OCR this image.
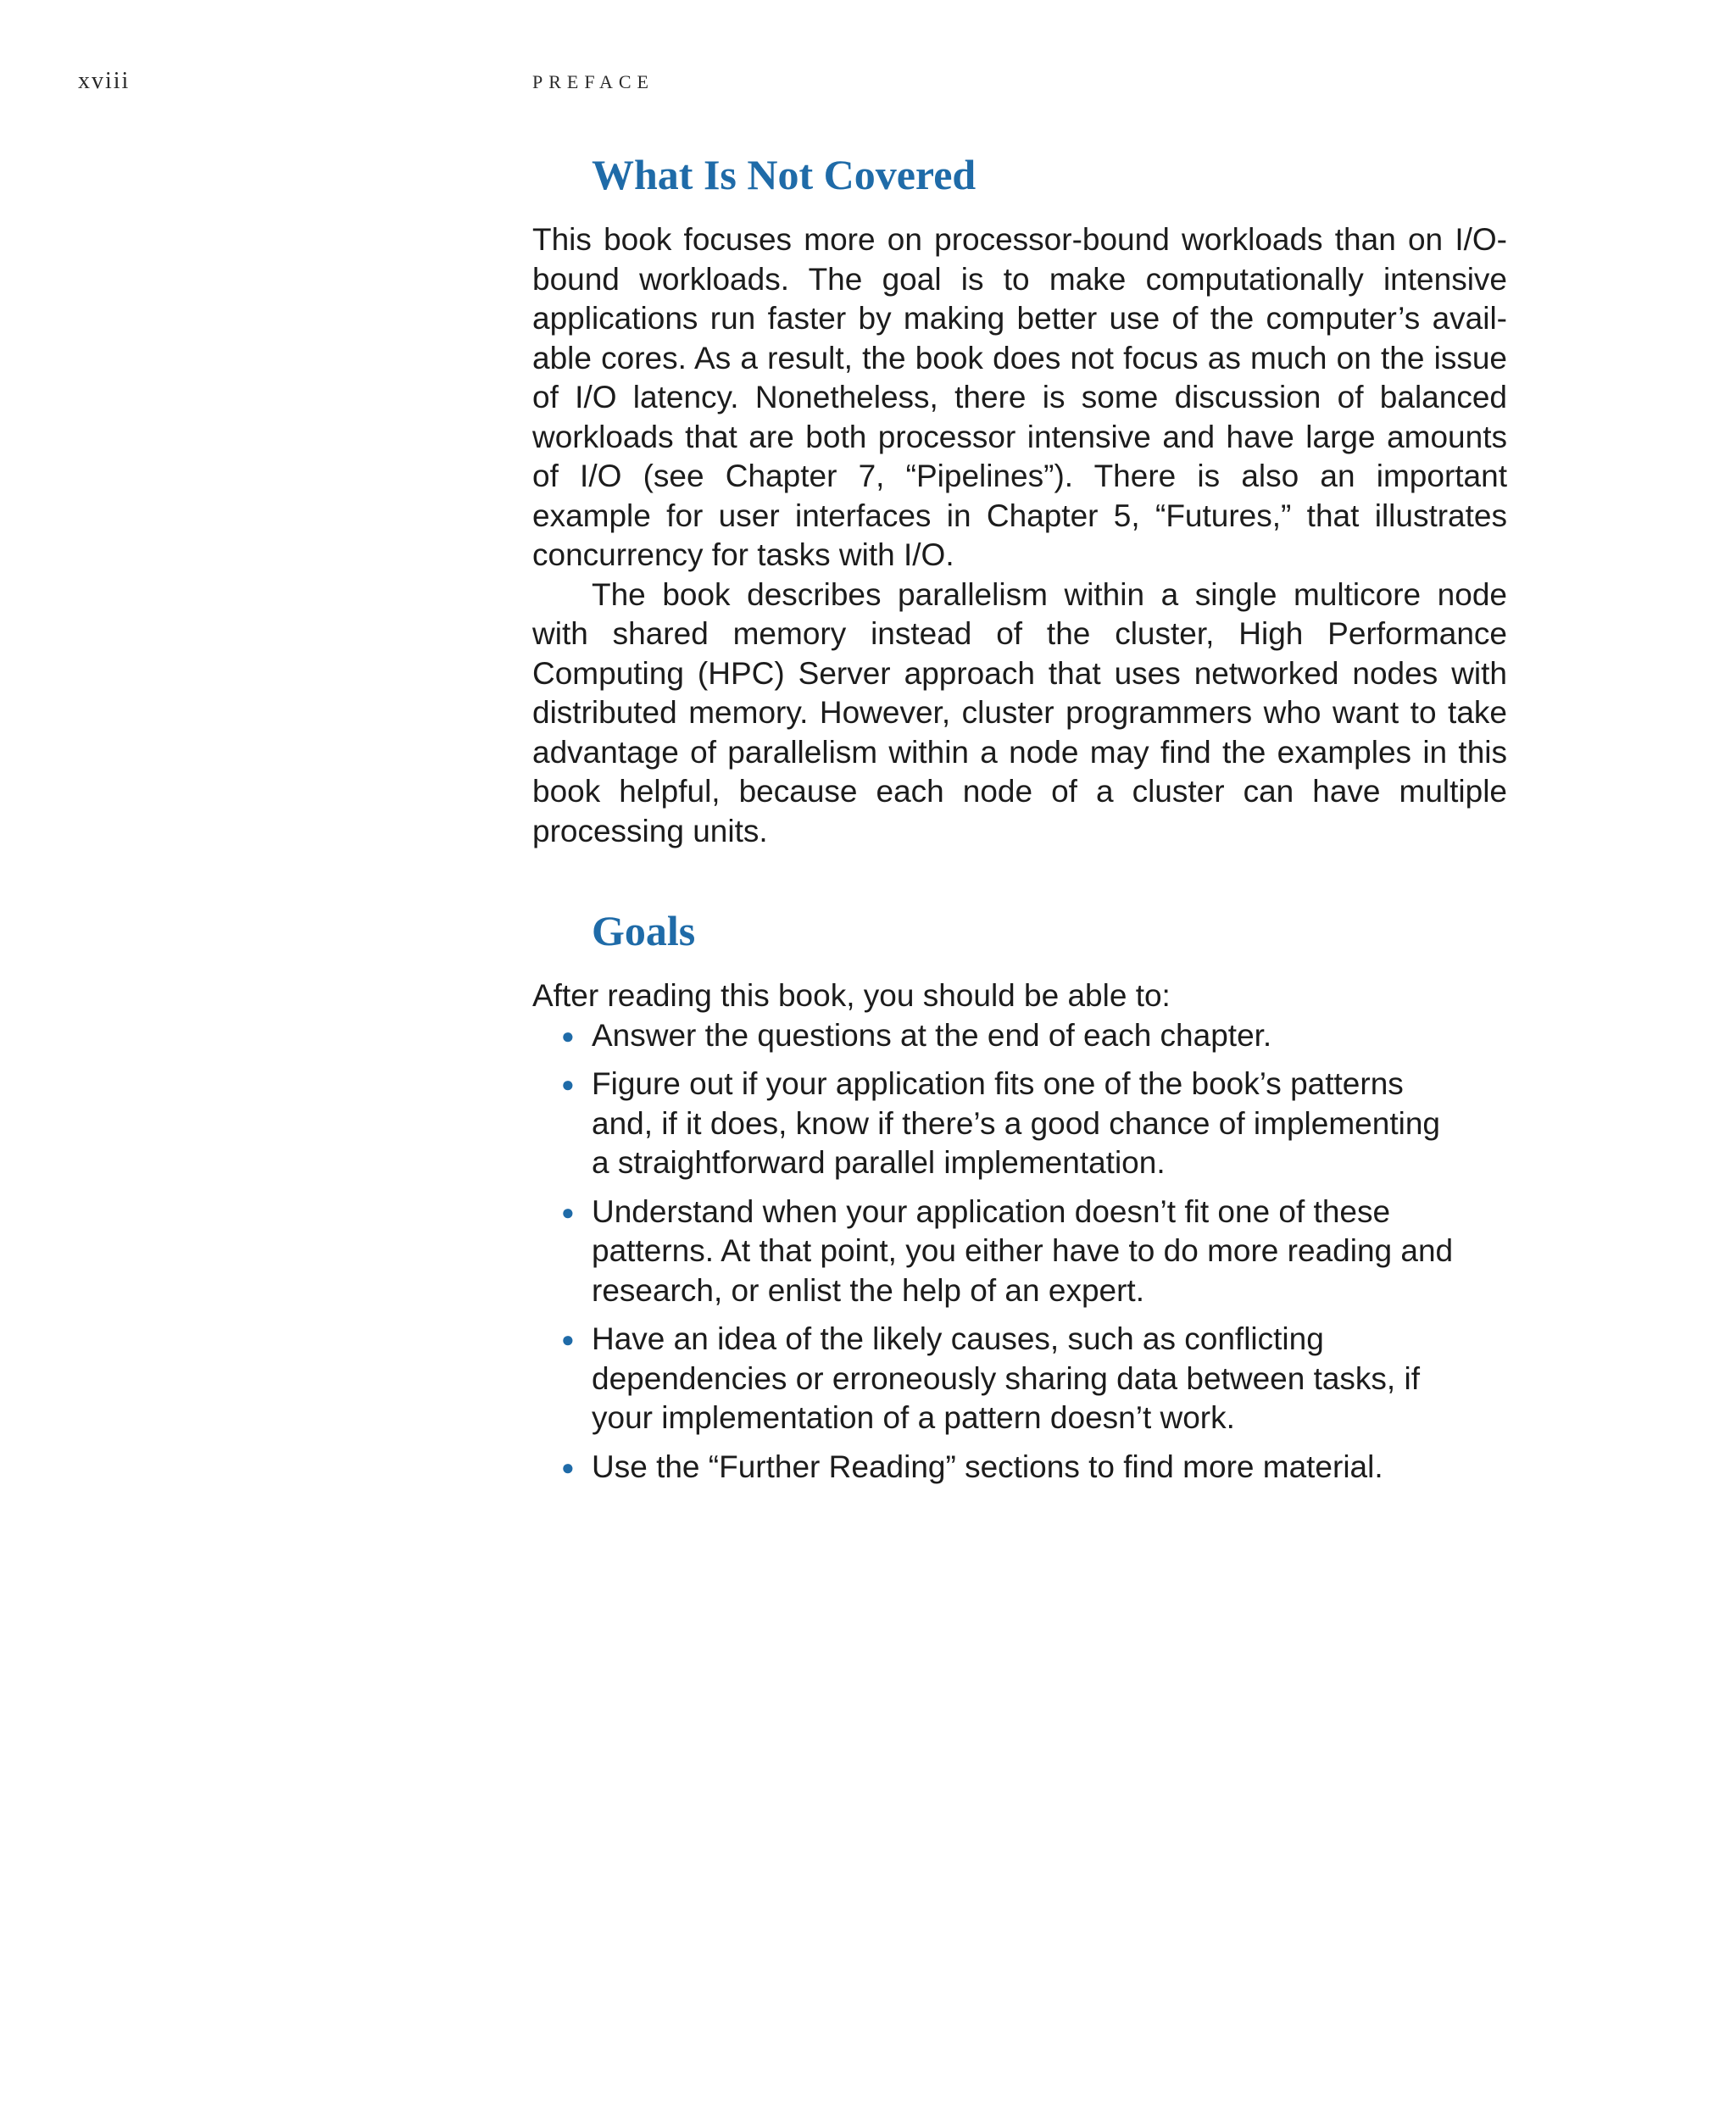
xviii	PREFACE
What Is Not Covered

This book focuses more on processor-bound workloads than on I/O-bound workloads. The goal is to make computationally intensive applications run faster by making better use of the computer’s avail-able cores. As a result, the book does not focus as much on the issue of I/O latency. Nonetheless, there is some discussion of balanced workloads that are both processor intensive and have large amounts of I/O (see Chapter 7, “Pipelines”). There is also an important example for user interfaces in Chapter 5, “Futures,” that illustrates concurrency for tasks with I/O.

The book describes parallelism within a single multicore node with shared memory instead of the cluster, High Performance Computing (HPC) Server approach that uses networked nodes with distributed memory. However, cluster programmers who want to take advantage of parallelism within a node may find the examples in this book helpful, because each node of a cluster can have multiple processing units.

Goals

After reading this book, you should be able to:

● Answer the questions at the end of each chapter.
● Figure out if your application fits one of the book’s patterns and, if it does, know if there’s a good chance of implementing a straightforward parallel implementation.
● Understand when your application doesn’t fit one of these patterns. At that point, you either have to do more reading and research, or enlist the help of an expert.
● Have an idea of the likely causes, such as conflicting dependencies or erroneously sharing data between tasks, if your implementation of a pattern doesn’t work.
● Use the “Further Reading” sections to find more material.
